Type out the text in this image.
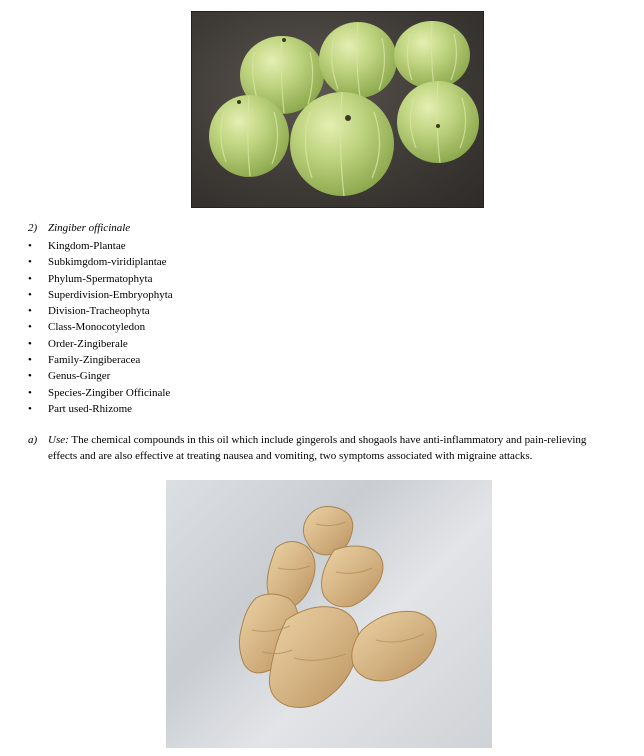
2) Zingiber officinale
• Kingdom-Plantae
• Subkimgdom-viridiplantae
• Phylum-Spermatophyta
• Superdivision-Embryophyta
• Division-Tracheophyta
• Class-Monocotyledon
• Order-Zingiberale
• Family-Zingiberacea
• Genus-Ginger
• Species-Zingiber Officinale
• Part used-Rhizome
a) Use: The chemical compounds in this oil which include gingerols and shogaols have anti-inflammatory and pain-relieving
effects and are also effective at treating nausea and vomiting, two symptoms associated with migraine attacks.
